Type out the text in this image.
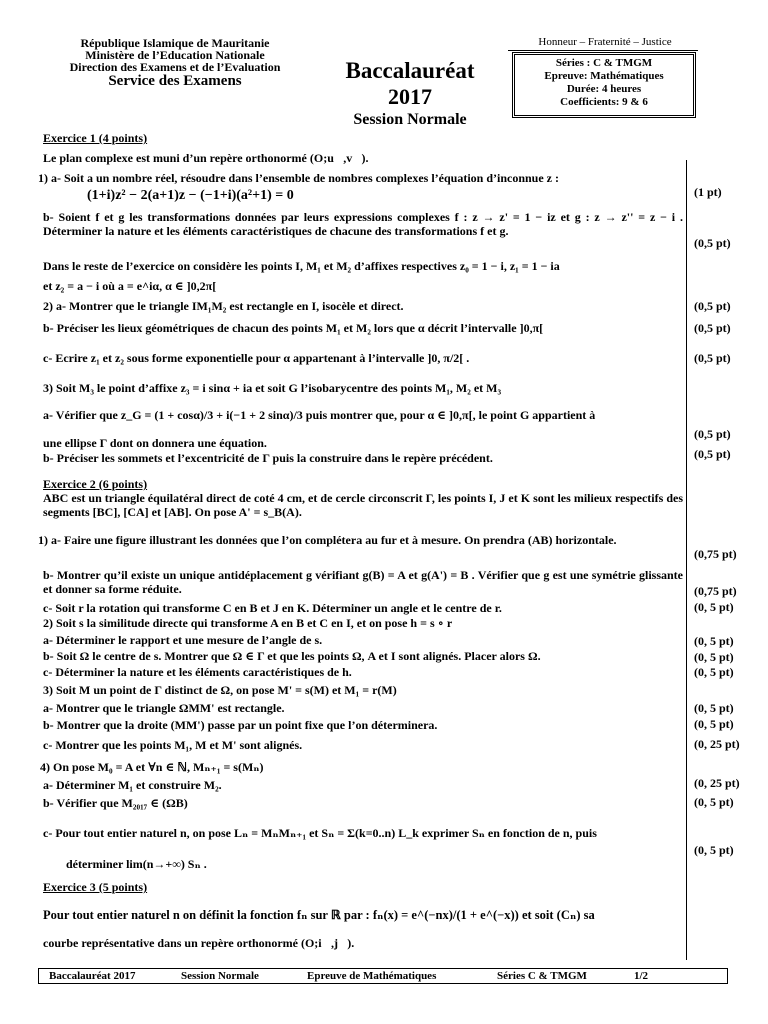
République Islamique de Mauritanie
Ministère de l’Education Nationale
Direction des Examens et de l’Evaluation
Service des Examens	Baccalauréat
2017
Session Normale
Honneur – Fraternité – Justice
Séries : C & TMGM
Epreuve: Mathématiques
Durée: 4 heures
Coefficients: 9 & 6
Exercice 1 (4 points)
Le plan complexe est muni d’un repère orthonormé (O;u⃗,v⃗).
1) a- Soit a un nombre réel, résoudre dans l’ensemble de nombres complexes l’équation d’inconnue z :
(1+i)z² − 2(a+1)z − (−1+i)(a²+1) = 0
b- Soient f et g les transformations données par leurs expressions complexes f : z → z' = 1 − iz et g : z → z'' = z − i . Déterminer la nature et les éléments caractéristiques de chacune des transformations f et g.
Dans le reste de l’exercice on considère les points I, M₁ et M₂ d’affixes respectives z₀ = 1 − i, z₁ = 1 − ia
et z₂ = a − i où a = e^iα, α ∈ ]0,2π[
2) a- Montrer que le triangle IM₁M₂ est rectangle en I, isocèle et direct.
b- Préciser les lieux géométriques de chacun des points M₁ et M₂ lors que α décrit l’intervalle ]0,π[
c- Ecrire z₁ et z₂ sous forme exponentielle pour α appartenant à l’intervalle ]0, π/2[ .
3) Soit M₃ le point d’affixe z₃ = i sinα + ia et soit G l’isobarycentre des points M₁, M₂ et M₃
a- Vérifier que z_G = (1 + cosα)/3 + i(−1 + 2 sinα)/3 puis montrer que, pour α ∈ ]0,π[, le point G appartient à
une ellipse Γ dont on donnera une équation.
b- Préciser les sommets et l’excentricité de Γ puis la construire dans le repère précédent.
Exercice 2 (6 points)
ABC est un triangle équilatéral direct de coté 4 cm, et de cercle circonscrit Γ, les points I, J et K sont les milieux respectifs des segments [BC], [CA] et [AB]. On pose A' = s_B(A).
1) a- Faire une figure illustrant les données que l’on complétera au fur et à mesure. On prendra (AB) horizontale.
b- Montrer qu’il existe un unique antidéplacement g vérifiant g(B) = A et g(A') = B . Vérifier que g est une symétrie glissante et donner sa forme réduite.
c- Soit r la rotation qui transforme C en B et J en K. Déterminer un angle et le centre de r.
2) Soit s la similitude directe qui transforme A en B et C en I, et on pose h = s ∘ r
a- Déterminer le rapport et une mesure de l’angle de s.
b- Soit Ω le centre de s. Montrer que Ω ∈ Γ et que les points Ω, A et I sont alignés. Placer alors Ω.
c- Déterminer la nature et les éléments caractéristiques de h.
3) Soit M un point de Γ distinct de Ω, on pose M' = s(M) et M₁ = r(M)
a- Montrer que le triangle ΩMM' est rectangle.
b- Montrer que la droite (MM') passe par un point fixe que l’on déterminera.
c- Montrer que les points M₁, M et M' sont alignés.
4) On pose M₀ = A et ∀n ∈ ℕ, Mₙ₊₁ = s(Mₙ)
a- Déterminer M₁ et construire M₂.
b- Vérifier que M₂₀₁₇ ∈ (ΩB)
c- Pour tout entier naturel n, on pose Lₙ = MₙMₙ₊₁ et Sₙ = Σ(k=0..n) L_k exprimer Sₙ en fonction de n, puis
déterminer lim(n→+∞) Sₙ .
Exercice 3 (5 points)
Pour tout entier naturel n on définit la fonction fₙ sur ℝ par : fₙ(x) = e^(−nx)/(1 + e^(−x)) et soit (Cₙ) sa
courbe représentative dans un repère orthonormé (O;i⃗,j⃗).
(1 pt)
(0,5 pt)
(0,5 pt)
(0,5 pt)
(0,5 pt)
(0,5 pt)
(0,5 pt)
(0,75 pt)
(0,75 pt)
(0, 5 pt)
(0, 5 pt)
(0, 5 pt)
(0, 5 pt)
(0, 5 pt)
(0, 5 pt)
(0, 25 pt)
(0, 25 pt)
(0, 5 pt)
(0, 5 pt)
Baccalauréat 2017	Session Normale	Epreuve de Mathématiques	Séries C & TMGM	1/2
